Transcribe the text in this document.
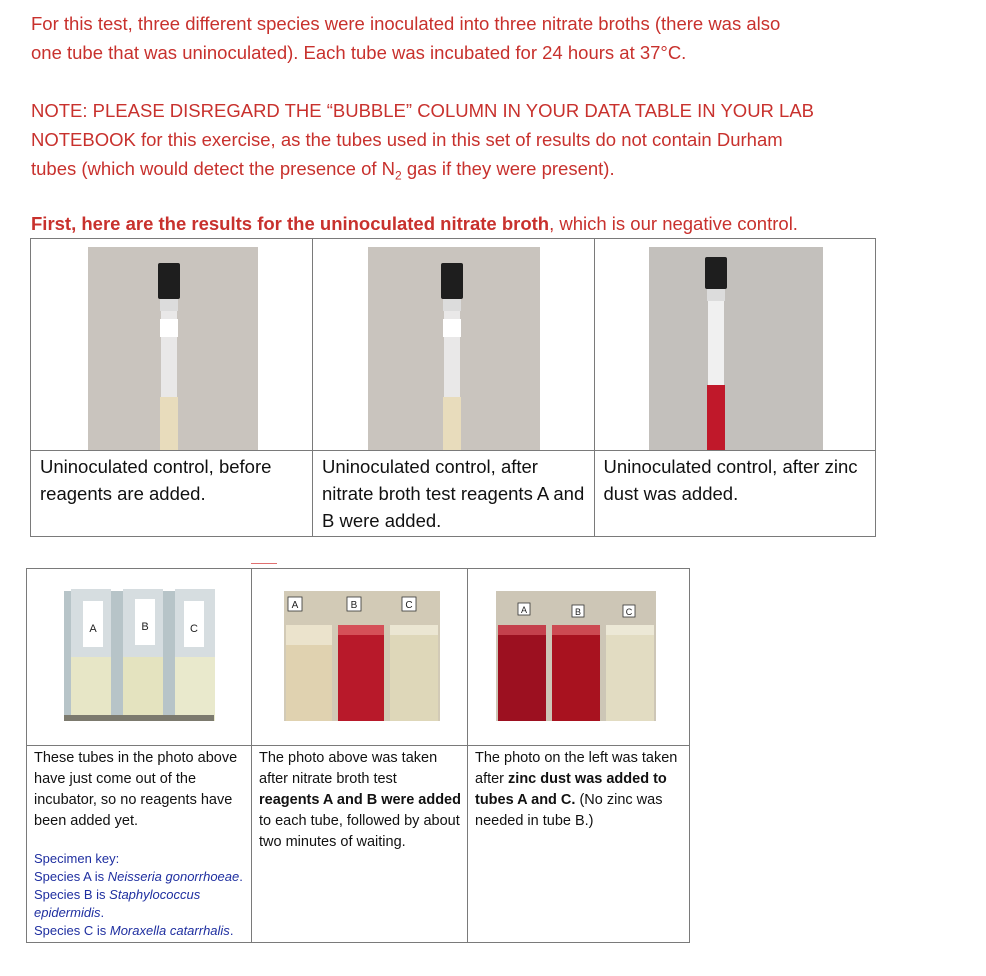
For this test, three different species were inoculated into three nitrate broths (there was also

one tube that was uninoculated). Each tube was incubated for 24 hours at 37°C.

NOTE: PLEASE DISREGARD THE “BUBBLE” COLUMN IN YOUR DATA TABLE IN YOUR LAB
NOTEBOOK for this exercise, as the tubes used in this set of results do not contain Durham
tubes (which would detect the presence of $N_2$ gas if they were present).
First, here are the results for the uninoculated nitrate broth, which is our negative control.

Uninoculated control, before reagents are added.	Uninoculated control, after nitrate broth test reagents A and B were added.	Uninoculated control, after zinc dust was added.
A B C	A B C	A B C

These tubes in the photo above have just come out of the incubator, so no reagents have been added yet.
Specimen key:
Species A is Neisseria gonorrhoeae.
Species B is Staphylococcus epidermidis.
Species C is Moraxella catarrhalis.	The photo above was taken after nitrate broth test reagents A and B were added to each tube, followed by about two minutes of waiting.	The photo on the left was taken after zinc dust was added to tubes A and C. (No zinc was needed in tube B.)
